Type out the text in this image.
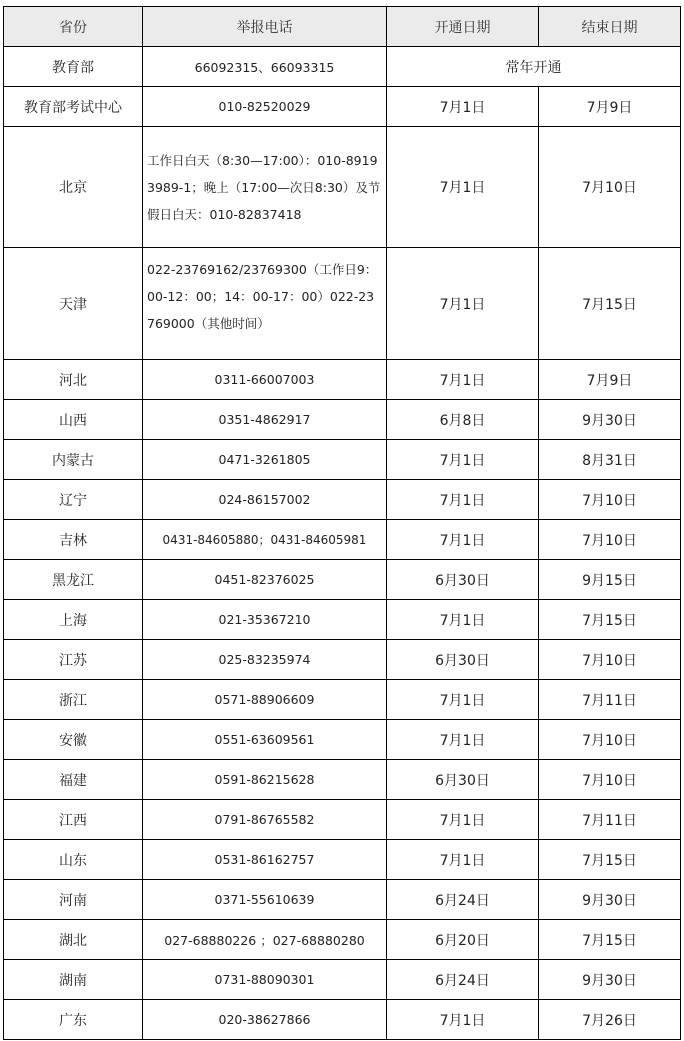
省份	举报电话	开通日期	结束日期
教育部	66092315、66093315	常年开通	
教育部考试中心	010-82520029	7月1日	7月9日
北京	工作日白天（8:30—17:00）：010-89193989-1；晚上（17:00—次日8:30）及节假日白天：010-82837418	7月1日	7月10日
天津	022-23769162/23769300（工作日9：00-12：00；14：00-17：00）022-23769000（其他时间）	7月1日	7月15日
河北	0311-66007003	7月1日	7月9日
山西	0351-4862917	6月8日	9月30日
内蒙古	0471-3261805	7月1日	8月31日
辽宁	024-86157002	7月1日	7月10日
吉林	0431-84605880；0431-84605981	7月1日	7月10日
黑龙江	0451-82376025	6月30日	9月15日
上海	021-35367210	7月1日	7月15日
江苏	025-83235974	6月30日	7月10日
浙江	0571-88906609	7月1日	7月11日
安徽	0551-63609561	7月1日	7月10日
福建	0591-86215628	6月30日	7月10日
江西	0791-86765582	7月1日	7月11日
山东	0531-86162757	7月1日	7月15日
河南	0371-55610639	6月24日	9月30日
湖北	027-68880226 ；027-68880280	6月20日	7月15日
湖南	0731-88090301	6月24日	9月30日
广东	020-38627866	7月1日	7月26日
